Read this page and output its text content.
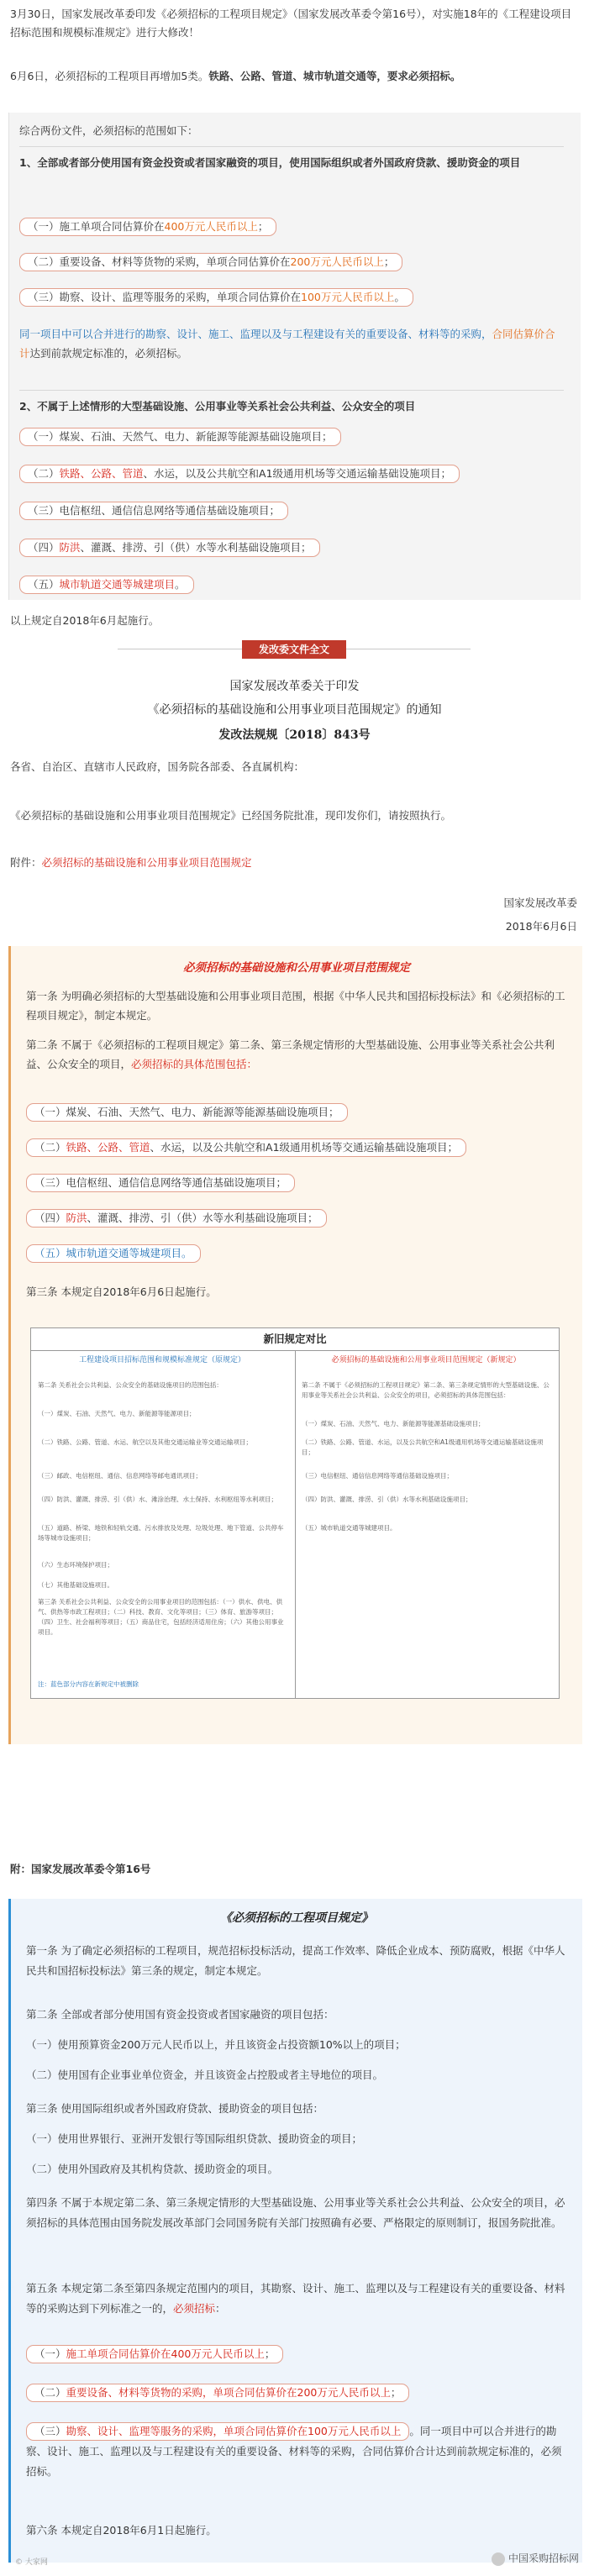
3月30日，国家发展改革委印发《必须招标的工程项目规定》（国家发展改革委令第16号），对实施18年的《工程建设项目招标范围和规模标准规定》进行大修改！

6月6日，必须招标的工程项目再增加5类。铁路、公路、管道、城市轨道交通等，要求必须招标。

综合两份文件，必须招标的范围如下：

1、全部或者部分使用国有资金投资或者国家融资的项目，使用国际组织或者外国政府贷款、援助资金的项目

（一）施工单项合同估算价在400万元人民币以上；

（二）重要设备、材料等货物的采购，单项合同估算价在200万元人民币以上；

（三）勘察、设计、监理等服务的采购，单项合同估算价在100万元人民币以上。

同一项目中可以合并进行的勘察、设计、施工、监理以及与工程建设有关的重要设备、材料等的采购，合同估算价合计达到前款规定标准的，必须招标。

2、不属于上述情形的大型基础设施、公用事业等关系社会公共利益、公众安全的项目

（一）煤炭、石油、天然气、电力、新能源等能源基础设施项目；

（二）铁路、公路、管道、水运，以及公共航空和A1级通用机场等交通运输基础设施项目；

（三）电信枢纽、通信信息网络等通信基础设施项目；

（四）防洪、灌溉、排涝、引（供）水等水利基础设施项目；

（五）城市轨道交通等城建项目。

以上规定自2018年6月起施行。

发改委文件全文

国家发展改革委关于印发

《必须招标的基础设施和公用事业项目范围规定》的通知

发改法规规〔2018〕843号

各省、自治区、直辖市人民政府，国务院各部委、各直属机构：

《必须招标的基础设施和公用事业项目范围规定》已经国务院批准，现印发你们，请按照执行。

附件：必须招标的基础设施和公用事业项目范围规定

国家发展改革委

2018年6月6日

必须招标的基础设施和公用事业项目范围规定

第一条 为明确必须招标的大型基础设施和公用事业项目范围，根据《中华人民共和国招标投标法》和《必须招标的工程项目规定》，制定本规定。

第二条 不属于《必须招标的工程项目规定》第二条、第三条规定情形的大型基础设施、公用事业等关系社会公共利益、公众安全的项目，必须招标的具体范围包括：

（一）煤炭、石油、天然气、电力、新能源等能源基础设施项目；

（二）铁路、公路、管道、水运，以及公共航空和A1级通用机场等交通运输基础设施项目；

（三）电信枢纽、通信信息网络等通信基础设施项目；

（四）防洪、灌溉、排涝、引（供）水等水利基础设施项目；

（五）城市轨道交通等城建项目。

第三条 本规定自2018年6月6日起施行。

新旧规定对比
工程建设项目招标范围和规模标准规定（原规定）	必须招标的基础设施和公用事业项目范围规定（新规定）
第二条 关系社会公共利益、公众安全的基础设施项目的范围包括：
（一）煤炭、石油、天然气、电力、新能源等能源项目；
（二）铁路、公路、管道、水运、航空以及其他交通运输业等交通运输项目；
（三）邮政、电信枢纽、通信、信息网络等邮电通讯项目；
（四）防洪、灌溉、排涝、引（供）水、滩涂治理、水土保持、水利枢纽等水利项目；
（五）道路、桥梁、地铁和轻轨交通、污水排放及处理、垃圾处理、地下管道、公共停车场等城市设施项目；
（六）生态环境保护项目；
（七）其他基础设施项目。
第三条 关系社会公共利益、公众安全的公用事业项目的范围包括：（一）供水、供电、供气、供热等市政工程项目；（二）科技、教育、文化等项目；（三）体育、旅游等项目；（四）卫生、社会福利等项目；（五）商品住宅，包括经济适用住房；（六）其他公用事业项目。
第二条 不属于《必须招标的工程项目规定》第二条、第三条规定情形的大型基础设施、公用事业等关系社会公共利益、公众安全的项目，必须招标的具体范围包括：
（一）煤炭、石油、天然气、电力、新能源等能源基础设施项目；
（二）铁路、公路、管道、水运，以及公共航空和A1级通用机场等交通运输基础设施项目；
（三）电信枢纽、通信信息网络等通信基础设施项目；
（四）防洪、灌溉、排涝、引（供）水等水利基础设施项目；
（五）城市轨道交通等城建项目。
注：蓝色部分内容在新规定中被删除

附：国家发展改革委令第16号

《必须招标的工程项目规定》

第一条 为了确定必须招标的工程项目，规范招标投标活动，提高工作效率、降低企业成本、预防腐败，根据《中华人民共和国招标投标法》第三条的规定，制定本规定。

第二条 全部或者部分使用国有资金投资或者国家融资的项目包括：

（一）使用预算资金200万元人民币以上，并且该资金占投资额10%以上的项目；

（二）使用国有企业事业单位资金，并且该资金占控股或者主导地位的项目。

第三条 使用国际组织或者外国政府贷款、援助资金的项目包括：

（一）使用世界银行、亚洲开发银行等国际组织贷款、援助资金的项目；

（二）使用外国政府及其机构贷款、援助资金的项目。

第四条 不属于本规定第二条、第三条规定情形的大型基础设施、公用事业等关系社会公共利益、公众安全的项目，必须招标的具体范围由国务院发展改革部门会同国务院有关部门按照确有必要、严格限定的原则制订，报国务院批准。

第五条 本规定第二条至第四条规定范围内的项目，其勘察、设计、施工、监理以及与工程建设有关的重要设备、材料等的采购达到下列标准之一的，必须招标：

（一）施工单项合同估算价在400万元人民币以上；

（二）重要设备、材料等货物的采购，单项合同估算价在200万元人民币以上；

（三）勘察、设计、监理等服务的采购，单项合同估算价在100万元人民币以上 。同一项目中可以合并进行的勘察、设计、施工、监理以及与工程建设有关的重要设备、材料等的采购，合同估算价合计达到前款规定标准的，必须招标。

第六条 本规定自2018年6月1日起施行。

© 大家网	中国采购招标网
